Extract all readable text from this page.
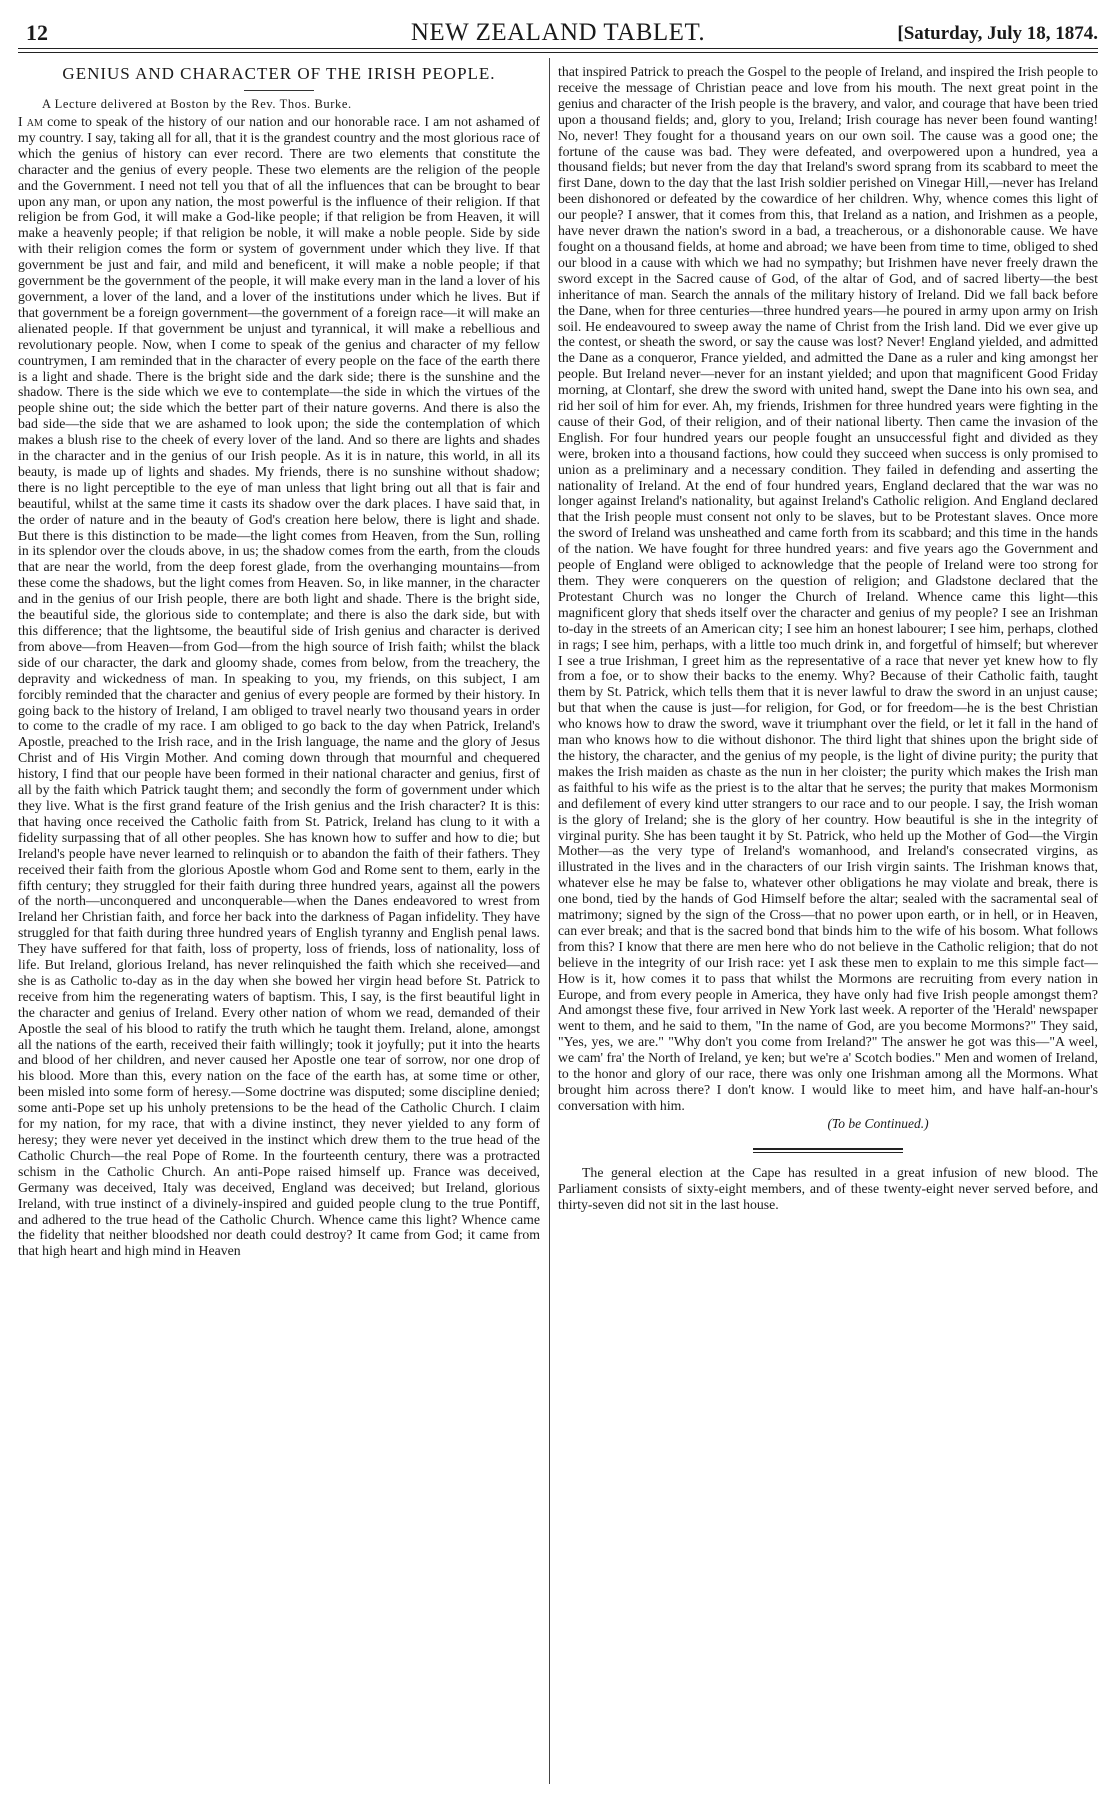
12	NEW ZEALAND TABLET.	[Saturday, July 18, 1874.
GENIUS AND CHARACTER OF THE IRISH PEOPLE.
A Lecture delivered at Boston by the Rev. Thos. Burke.

I am come to speak of the history of our nation and our honorable race. I am not ashamed of my country. I say, taking all for all, that it is the grandest country and the most glorious race of which the genius of history can ever record. There are two elements that constitute the character and the genius of every people. These two elements are the religion of the people and the Government. I need not tell you that of all the influences that can be brought to bear upon any man, or upon any nation, the most powerful is the influence of their religion. If that religion be from God, it will make a God-like people; if that religion be from Heaven, it will make a heavenly people; if that religion be noble, it will make a noble people. Side by side with their religion comes the form or system of government under which they live. If that government be just and fair, and mild and beneficent, it will make a noble people; if that government be the government of the people, it will make every man in the land a lover of his government, a lover of the land, and a lover of the institutions under which he lives. But if that government be a foreign government—the government of a foreign race—it will make an alienated people. If that government be unjust and tyrannical, it will make a rebellious and revolutionary people. Now, when I come to speak of the genius and character of my fellow countrymen, I am reminded that in the character of every people on the face of the earth there is a light and shade. There is the bright side and the dark side; there is the sunshine and the shadow. There is the side which we eve to contemplate—the side in which the virtues of the people shine out; the side which the better part of their nature governs. And there is also the bad side—the side that we are ashamed to look upon; the side the contemplation of which makes a blush rise to the cheek of every lover of the land. And so there are lights and shades in the character and in the genius of our Irish people. As it is in nature, this world, in all its beauty, is made up of lights and shades. My friends, there is no sunshine without shadow; there is no light perceptible to the eye of man unless that light bring out all that is fair and beautiful, whilst at the same time it casts its shadow over the dark places. I have said that, in the order of nature and in the beauty of God's creation here below, there is light and shade. But there is this distinction to be made—the light comes from Heaven, from the Sun, rolling in its splendor over the clouds above, in us; the shadow comes from the earth, from the clouds that are near the world, from the deep forest glade, from the overhanging mountains—from these come the shadows, but the light comes from Heaven. So, in like manner, in the character and in the genius of our Irish people, there are both light and shade. There is the bright side, the beautiful side, the glorious side to contemplate; and there is also the dark side, but with this difference; that the lightsome, the beautiful side of Irish genius and character is derived from above—from Heaven—from God—from the high source of Irish faith; whilst the black side of our character, the dark and gloomy shade, comes from below, from the treachery, the depravity and wickedness of man. In speaking to you, my friends, on this subject, I am forcibly reminded that the character and genius of every people are formed by their history. In going back to the history of Ireland, I am obliged to travel nearly two thousand years in order to come to the cradle of my race. I am obliged to go back to the day when Patrick, Ireland's Apostle, preached to the Irish race, and in the Irish language, the name and the glory of Jesus Christ and of His Virgin Mother. And coming down through that mournful and chequered history, I find that our people have been formed in their national character and genius, first of all by the faith which Patrick taught them; and secondly the form of government under which they live. What is the first grand feature of the Irish genius and the Irish character? It is this: that having once received the Catholic faith from St. Patrick, Ireland has clung to it with a fidelity surpassing that of all other peoples. She has known how to suffer and how to die; but Ireland's people have never learned to relinquish or to abandon the faith of their fathers. They received their faith from the glorious Apostle whom God and Rome sent to them, early in the fifth century; they struggled for their faith during three hundred years, against all the powers of the north—unconquered and unconquerable—when the Danes endeavored to wrest from Ireland her Christian faith, and force her back into the darkness of Pagan infidelity. They have struggled for that faith during three hundred years of English tyranny and English penal laws. They have suffered for that faith, loss of property, loss of friends, loss of nationality, loss of life. But Ireland, glorious Ireland, has never relinquished the faith which she received—and she is as Catholic to-day as in the day when she bowed her virgin head before St. Patrick to receive from him the regenerating waters of baptism. This, I say, is the first beautiful light in the character and genius of Ireland. Every other nation of whom we read, demanded of their Apostle the seal of his blood to ratify the truth which he taught them. Ireland, alone, amongst all the nations of the earth, received their faith willingly; took it joyfully; put it into the hearts and blood of her children, and never caused her Apostle one tear of sorrow, nor one drop of his blood. More than this, every nation on the face of the earth has, at some time or other, been misled into some form of heresy.—Some doctrine was disputed; some discipline denied; some anti-Pope set up his unholy pretensions to be the head of the Catholic Church. I claim for my nation, for my race, that with a divine instinct, they never yielded to any form of heresy; they were never yet deceived in the instinct which drew them to the true head of the Catholic Church—the real Pope of Rome. In the fourteenth century, there was a protracted schism in the Catholic Church. An anti-Pope raised himself up. France was deceived, Germany was deceived, Italy was deceived, England was deceived; but Ireland, glorious Ireland, with true instinct of a divinely-inspired and guided people clung to the true Pontiff, and adhered to the true head of the Catholic Church. Whence came this light? Whence came the fidelity that neither bloodshed nor death could destroy? It came from God; it came from that high heart and high mind in Heaven

that inspired Patrick to preach the Gospel to the people of Ireland, and inspired the Irish people to receive the message of Christian peace and love from his mouth. The next great point in the genius and character of the Irish people is the bravery, and valor, and courage that have been tried upon a thousand fields; and, glory to you, Ireland; Irish courage has never been found wanting! No, never! They fought for a thousand years on our own soil. The cause was a good one; the fortune of the cause was bad. They were defeated, and overpowered upon a hundred, yea a thousand fields; but never from the day that Ireland's sword sprang from its scabbard to meet the first Dane, down to the day that the last Irish soldier perished on Vinegar Hill,—never has Ireland been dishonored or defeated by the cowardice of her children. Why, whence comes this light of our people? I answer, that it comes from this, that Ireland as a nation, and Irishmen as a people, have never drawn the nation's sword in a bad, a treacherous, or a dishonorable cause. We have fought on a thousand fields, at home and abroad; we have been from time to time, obliged to shed our blood in a cause with which we had no sympathy; but Irishmen have never freely drawn the sword except in the Sacred cause of God, of the altar of God, and of sacred liberty—the best inheritance of man. Search the annals of the military history of Ireland. Did we fall back before the Dane, when for three centuries—three hundred years—he poured in army upon army on Irish soil. He endeavoured to sweep away the name of Christ from the Irish land. Did we ever give up the contest, or sheath the sword, or say the cause was lost? Never! England yielded, and admitted the Dane as a conqueror, France yielded, and admitted the Dane as a ruler and king amongst her people. But Ireland never—never for an instant yielded; and upon that magnificent Good Friday morning, at Clontarf, she drew the sword with united hand, swept the Dane into his own sea, and rid her soil of him for ever. Ah, my friends, Irishmen for three hundred years were fighting in the cause of their God, of their religion, and of their national liberty. Then came the invasion of the English. For four hundred years our people fought an unsuccessful fight and divided as they were, broken into a thousand factions, how could they succeed when success is only promised to union as a preliminary and a necessary condition. They failed in defending and asserting the nationality of Ireland. At the end of four hundred years, England declared that the war was no longer against Ireland's nationality, but against Ireland's Catholic religion. And England declared that the Irish people must consent not only to be slaves, but to be Protestant slaves. Once more the sword of Ireland was unsheathed and came forth from its scabbard; and this time in the hands of the nation. We have fought for three hundred years: and five years ago the Government and people of England were obliged to acknowledge that the people of Ireland were too strong for them. They were conquerers on the question of religion; and Gladstone declared that the Protestant Church was no longer the Church of Ireland. Whence came this light—this magnificent glory that sheds itself over the character and genius of my people? I see an Irishman to-day in the streets of an American city; I see him an honest labourer; I see him, perhaps, clothed in rags; I see him, perhaps, with a little too much drink in, and forgetful of himself; but wherever I see a true Irishman, I greet him as the representative of a race that never yet knew how to fly from a foe, or to show their backs to the enemy. Why? Because of their Catholic faith, taught them by St. Patrick, which tells them that it is never lawful to draw the sword in an unjust cause; but that when the cause is just—for religion, for God, or for freedom—he is the best Christian who knows how to draw the sword, wave it triumphant over the field, or let it fall in the hand of man who knows how to die without dishonor. The third light that shines upon the bright side of the history, the character, and the genius of my people, is the light of divine purity; the purity that makes the Irish maiden as chaste as the nun in her cloister; the purity which makes the Irish man as faithful to his wife as the priest is to the altar that he serves; the purity that makes Mormonism and defilement of every kind utter strangers to our race and to our people. I say, the Irish woman is the glory of Ireland; she is the glory of her country. How beautiful is she in the integrity of virginal purity. She has been taught it by St. Patrick, who held up the Mother of God—the Virgin Mother—as the very type of Ireland's womanhood, and Ireland's consecrated virgins, as illustrated in the lives and in the characters of our Irish virgin saints. The Irishman knows that, whatever else he may be false to, whatever other obligations he may violate and break, there is one bond, tied by the hands of God Himself before the altar; sealed with the sacramental seal of matrimony; signed by the sign of the Cross—that no power upon earth, or in hell, or in Heaven, can ever break; and that is the sacred bond that binds him to the wife of his bosom. What follows from this? I know that there are men here who do not believe in the Catholic religion; that do not believe in the integrity of our Irish race: yet I ask these men to explain to me this simple fact—How is it, how comes it to pass that whilst the Mormons are recruiting from every nation in Europe, and from every people in America, they have only had five Irish people amongst them? And amongst these five, four arrived in New York last week. A reporter of the 'Herald' newspaper went to them, and he said to them, "In the name of God, are you become Mormons?" They said, "Yes, yes, we are." "Why don't you come from Ireland?" The answer he got was this—"A weel, we cam' fra' the North of Ireland, ye ken; but we're a' Scotch bodies." Men and women of Ireland, to the honor and glory of our race, there was only one Irishman among all the Mormons. What brought him across there? I don't know. I would like to meet him, and have half-an-hour's conversation with him.

(To be Continued.)

The general election at the Cape has resulted in a great infusion of new blood. The Parliament consists of sixty-eight members, and of these twenty-eight never served before, and thirty-seven did not sit in the last house.
